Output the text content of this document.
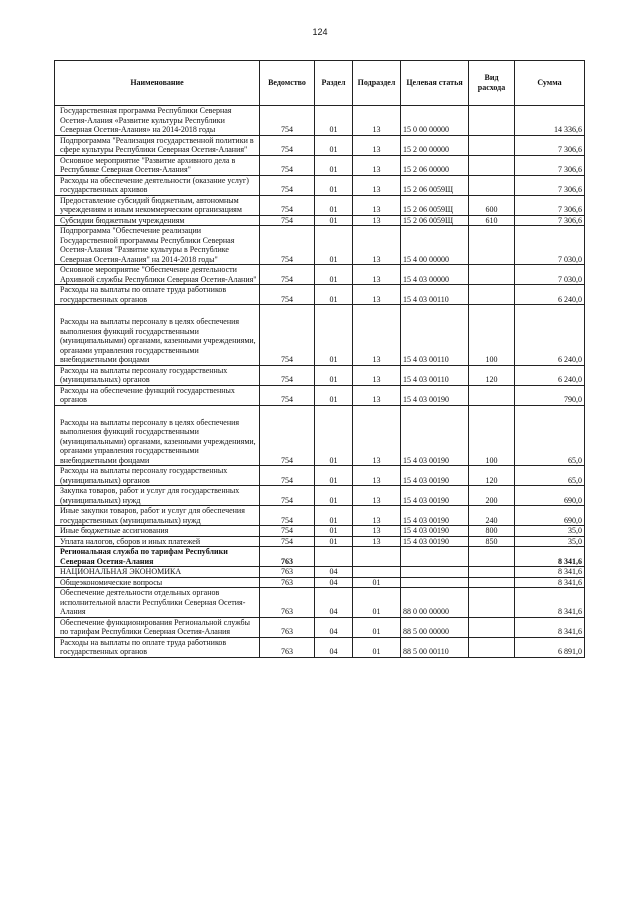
124
Наименование	Ведомство	Раздел	Подраздел	Целевая статья	Вид расхода	Сумма

Государственная программа Республики Северная Осетия-Алания «Развитие культуры Республики Северная Осетия-Алания» на 2014-2018 годы	754	01	13	15 0 00 00000		14 336,6

Подпрограмма "Реализация государственной политики в сфере культуры Республики Северная Осетия-Алания"	754	01	13	15 2 00 00000		7 306,6

Основное мероприятие "Развитие архивного дела в Республике Северная Осетия-Алания"	754	01	13	15 2 06 00000		7 306,6

Расходы на обеспечение деятельности (оказание услуг) государственных архивов	754	01	13	15 2 06 0059Щ		7 306,6

Предоставление субсидий бюджетным, автономным учреждениям и иным некоммерческим организациям	754	01	13	15 2 06 0059Щ	600	7 306,6

Субсидии бюджетным учреждениям	754	01	13	15 2 06 0059Щ	610	7 306,6

Подпрограмма "Обеспечение реализации Государственной программы Республики Северная Осетия-Алания "Развитие культуры в Республике Северная Осетия-Алания" на 2014-2018 годы"	754	01	13	15 4 00 00000		7 030,0

Основное мероприятие "Обеспечение деятельности Архивной службы Республики Северная Осетия-Алания"	754	01	13	15 4 03 00000		7 030,0

Расходы на выплаты по оплате труда работников государственных органов	754	01	13	15 4 03 00110		6 240,0

Расходы на выплаты персоналу в целях обеспечения выполнения функций государственными (муниципальными) органами, казенными учреждениями, органами управления государственными внебюджетными фондами	754	01	13	15 4 03 00110	100	6 240,0

Расходы на выплаты персоналу государственных (муниципальных) органов	754	01	13	15 4 03 00110	120	6 240,0

Расходы на обеспечение функций государственных органов	754	01	13	15 4 03 00190		790,0

Расходы на выплаты персоналу в целях обеспечения выполнения функций государственными (муниципальными) органами, казенными учреждениями, органами управления государственными внебюджетными фондами	754	01	13	15 4 03 00190	100	65,0

Расходы на выплаты персоналу государственных (муниципальных) органов	754	01	13	15 4 03 00190	120	65,0

Закупка товаров, работ и услуг для государственных (муниципальных) нужд	754	01	13	15 4 03 00190	200	690,0

Иные закупки товаров, работ и услуг для обеспечения государственных (муниципальных) нужд	754	01	13	15 4 03 00190	240	690,0

Иные бюджетные ассигнования	754	01	13	15 4 03 00190	800	35,0

Уплата налогов, сборов и иных платежей	754	01	13	15 4 03 00190	850	35,0

Региональная служба по тарифам Республики Северная Осетия-Алания	763					8 341,6

НАЦИОНАЛЬНАЯ ЭКОНОМИКА	763	04				8 341,6

Общеэкономические вопросы	763	04	01			8 341,6

Обеспечение деятельности отдельных органов исполнительной власти Республики Северная Осетия-Алания	763	04	01	88 0 00 00000		8 341,6

Обеспечение функционирования Региональной службы по тарифам Республики Северная Осетия-Алания	763	04	01	88 5 00 00000		8 341,6

Расходы на выплаты по оплате труда работников государственных органов	763	04	01	88 5 00 00110		6 891,0
